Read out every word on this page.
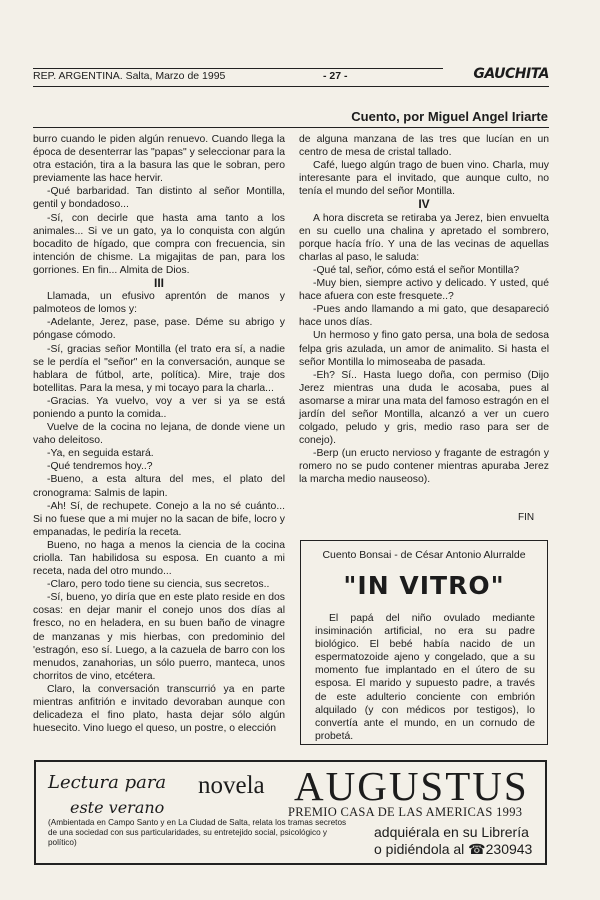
REP. ARGENTINA. Salta, Marzo de 1995	- 27 -	GAUCHITA
Cuento, por Miguel Angel Iriarte

burro cuando le piden algún renuevo. Cuando llega la época de desenterrar las "papas" y seleccionar para la otra estación, tira a la basura las que le sobran, pero previamente las hace hervir.

-Qué barbaridad. Tan distinto al señor Montilla, gentil y bondadoso...

-Sí, con decirle que hasta ama tanto a los animales... Si ve un gato, ya lo conquista con algún bocadito de hígado, que compra con frecuencia, sin intención de chisme. La migajitas de pan, para los gorriones. En fin... Almita de Dios.

III

Llamada, un efusivo aprentón de manos y palmoteos de lomos y:

-Adelante, Jerez, pase, pase. Déme su abrigo y póngase cómodo.

-Sí, gracias señor Montilla (el trato era sí, a nadie se le perdía el "señor" en la conversación, aunque se hablara de fútbol, arte, política). Mire, traje dos botellitas. Para la mesa, y mi tocayo para la charla...

-Gracias. Ya vuelvo, voy a ver si ya se está poniendo a punto la comida..

Vuelve de la cocina no lejana, de donde viene un vaho deleitoso.

-Ya, en seguida estará.

-Qué tendremos hoy..?

-Bueno, a esta altura del mes, el plato del cronograma: Salmis de lapin.

-Ah! Sí, de rechupete. Conejo a la no sé cuánto... Si no fuese que a mi mujer no la sacan de bife, locro y empanadas, le pediría la receta.

Bueno, no haga a menos la ciencia de la cocina criolla. Tan habilidosa su esposa. En cuanto a mi receta, nada del otro mundo...

-Claro, pero todo tiene su ciencia, sus secretos..

-Sí, bueno, yo diría que en este plato reside en dos cosas: en dejar manir el conejo unos dos días al fresco, no en heladera, en su buen baño de vinagre de manzanas y mis hierbas, con predominio del 'estragón, eso sí. Luego, a la cazuela de barro con los menudos, zanahorias, un sólo puerro, manteca, unos chorritos de vino, etcétera.

Claro, la conversación transcurrió ya en parte mientras anfitrión e invitado devoraban aunque con delicadeza el fino plato, hasta dejar sólo algún huesecito. Vino luego el queso, un postre, o elección

de alguna manzana de las tres que lucían en un centro de mesa de cristal tallado.

Café, luego algún trago de buen vino. Charla, muy interesante para el invitado, que aunque culto, no tenía el mundo del señor Montilla.

IV

A hora discreta se retiraba ya Jerez, bien envuelta en su cuello una chalina y apretado el sombrero, porque hacía frío. Y una de las vecinas de aquellas charlas al paso, le saluda:

-Qué tal, señor, cómo está el señor Montilla?

-Muy bien, siempre activo y delicado. Y usted, qué hace afuera con este fresquete..?

-Pues ando llamando a mi gato, que desapareció hace unos días.

Un hermoso y fino gato persa, una bola de sedosa felpa gris azulada, un amor de animalito. Si hasta el señor Montilla lo mimoseaba de pasada.

-Eh? Sí.. Hasta luego doña, con permiso (Dijo Jerez mientras una duda le acosaba, pues al asomarse a mirar una mata del famoso estragón en el jardín del señor Montilla, alcanzó a ver un cuero colgado, peludo y gris, medio raso para ser de conejo).

-Berp (un eructo nervioso y fragante de estragón y romero no se pudo contener mientras apuraba Jerez la marcha medio nauseoso).

FIN
Cuento Bonsai - de César Antonio Alurralde
"IN VITRO"
El papá del niño ovulado mediante insiminación artificial, no era su padre biológico. El bebé había nacido de un espermatozoide ajeno y congelado, que a su momento fue implantado en el útero de su esposa. El marido y supuesto padre, a través de este adulterio conciente con embrión alquilado (y con médicos por testigos), lo convertía ante el mundo, en un cornudo de probetá.
Lectura para
este verano
novela AUGUSTUS
PREMIO CASA DE LAS AMERICAS 1993
(Ambientada en Campo Santo y en La Ciudad de Salta, relata los tramas secretos de una sociedad con sus particularidades, su entretejido social, psicológico y político)
adquiérala en su Librería
o pidiéndola al ☎230943
